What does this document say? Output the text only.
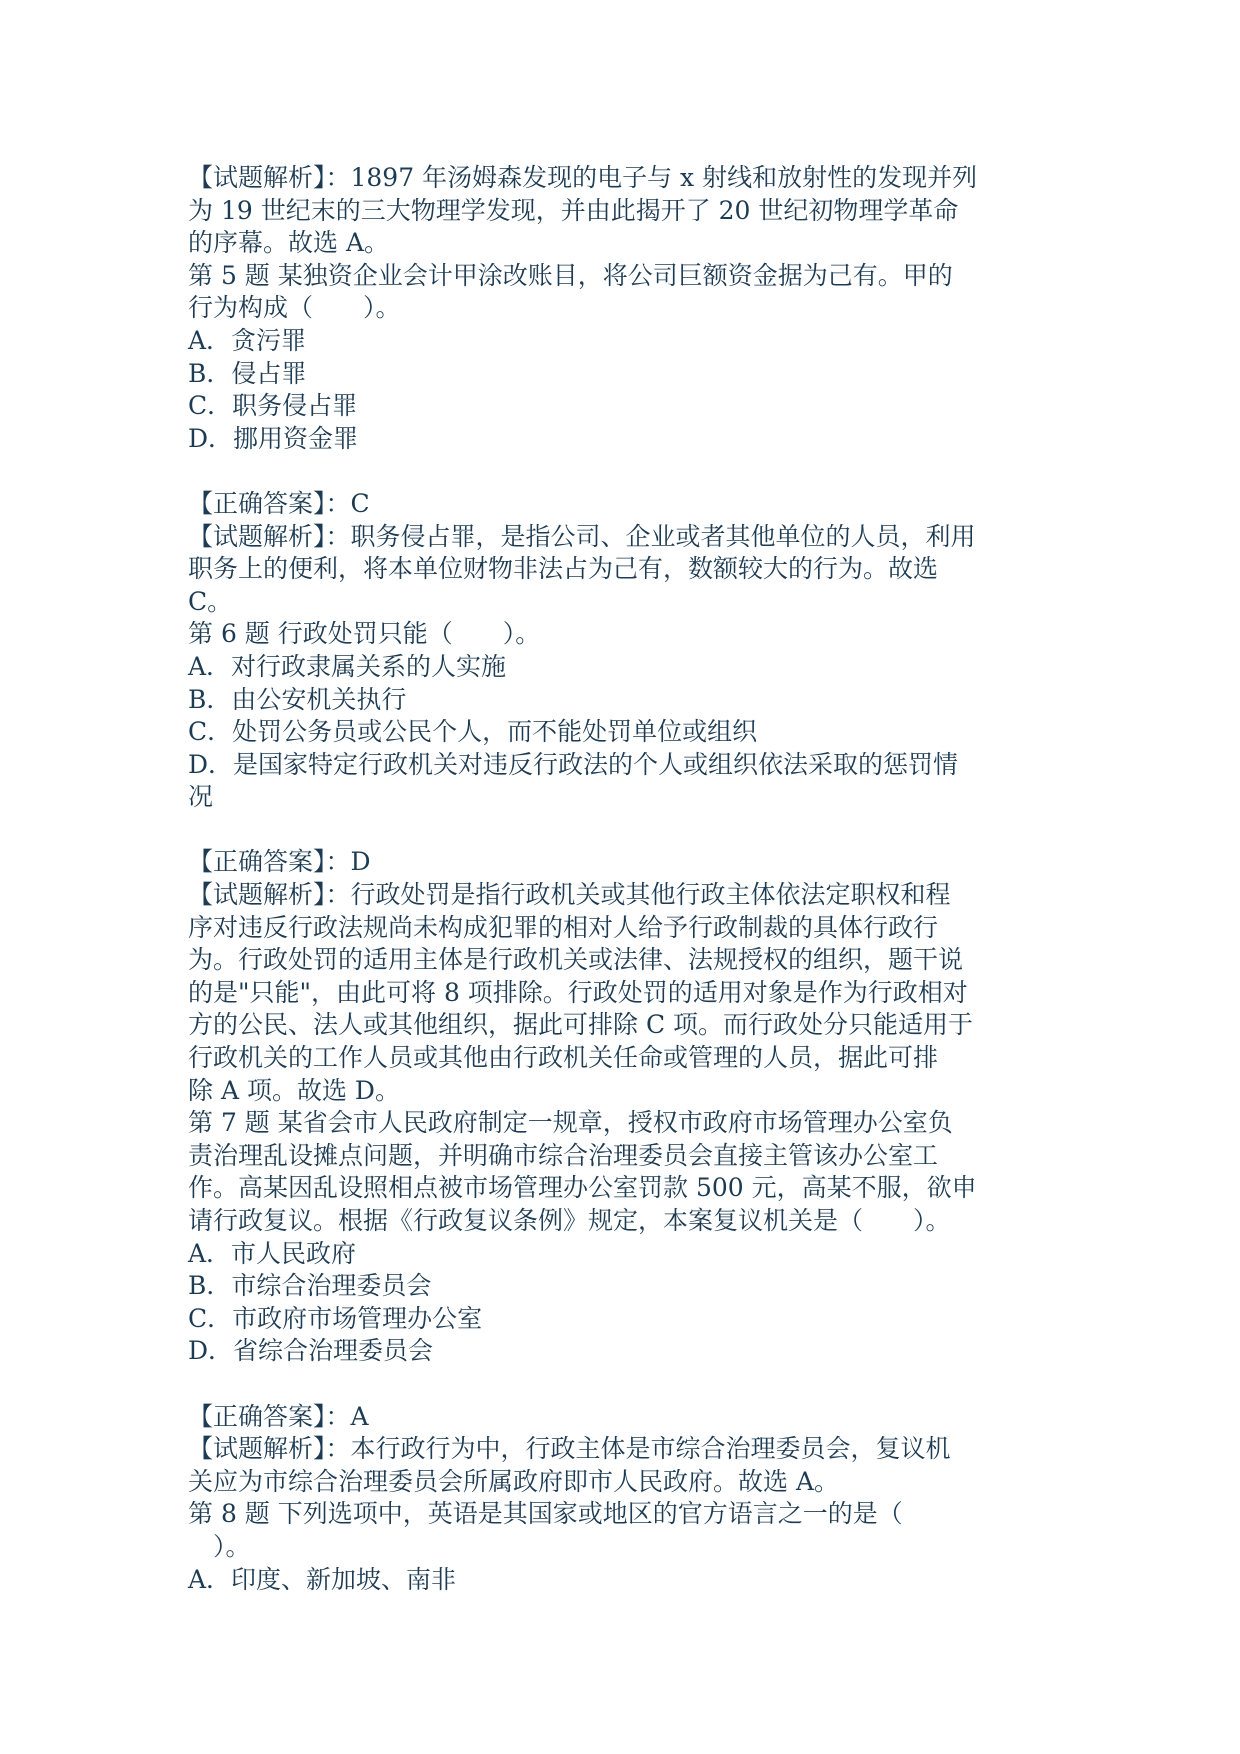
【试题解析】：1897 年汤姆森发现的电子与 x 射线和放射性的发现并列
为 19 世纪末的三大物理学发现，并由此揭开了 20 世纪初物理学革命
的序幕。故选 A。
第 5 题 某独资企业会计甲涂改账目，将公司巨额资金据为己有。甲的
行为构成（　　）。
A．贪污罪
B．侵占罪
C．职务侵占罪
D．挪用资金罪
【正确答案】：C
【试题解析】：职务侵占罪，是指公司、企业或者其他单位的人员，利用
职务上的便利，将本单位财物非法占为己有，数额较大的行为。故选
C。
第 6 题 行政处罚只能（　　）。
A．对行政隶属关系的人实施
B．由公安机关执行
C．处罚公务员或公民个人，而不能处罚单位或组织
D．是国家特定行政机关对违反行政法的个人或组织依法采取的惩罚情
况
【正确答案】：D
【试题解析】：行政处罚是指行政机关或其他行政主体依法定职权和程
序对违反行政法规尚未构成犯罪的相对人给予行政制裁的具体行政行
为。行政处罚的适用主体是行政机关或法律、法规授权的组织，题干说
的是"只能"，由此可将 8 项排除。行政处罚的适用对象是作为行政相对
方的公民、法人或其他组织，据此可排除 C 项。而行政处分只能适用于
行政机关的工作人员或其他由行政机关任命或管理的人员，据此可排
除 A 项。故选 D。
第 7 题 某省会市人民政府制定一规章，授权市政府市场管理办公室负
责治理乱设摊点问题，并明确市综合治理委员会直接主管该办公室工
作。高某因乱设照相点被市场管理办公室罚款 500 元，高某不服，欲申
请行政复议。根据《行政复议条例》规定，本案复议机关是（　　）。
A．市人民政府
B．市综合治理委员会
C．市政府市场管理办公室
D．省综合治理委员会
【正确答案】：A
【试题解析】：本行政行为中，行政主体是市综合治理委员会，复议机
关应为市综合治理委员会所属政府即市人民政府。故选 A。
第 8 题 下列选项中，英语是其国家或地区的官方语言之一的是（
　）。
A．印度、新加坡、南非
